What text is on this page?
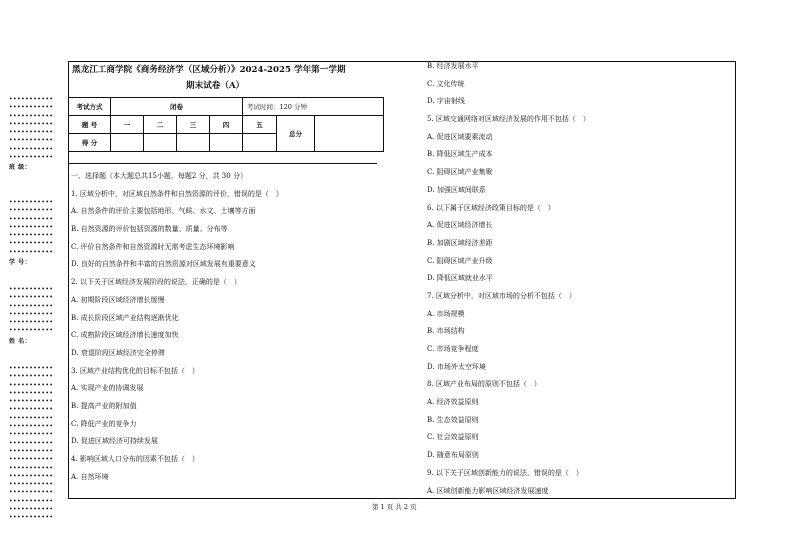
•••••••••••
•••••••••••
•••••••••••
•••••••••••
•••••••••••
•••••••••••
•••••••••••
•••••••••••
班 级：
•••••••••••
•••••••••••
•••••••••••
•••••••••••
•••••••••••
•••••••••••
•••••••••••
学 号：
•••••••••••
•••••••••••
•••••••••••
•••••••••••
•••••••••••
•••••••••••
姓 名：
•••••••••••
•••••••••••
•••••••••••
•••••••••••
•••••••••••
•••••••••••
•••••••••••
•••••••••••
•••••••••••
•••••••••••
•••••••••••
•••••••••••
•••••••••••
•••••••••••
•••••••••••
•••••••••••
•••••••••••
•••••••••••
•••••••••••
黑龙江工商学院《商务经济学（区域分析）》2024-2025 学年第一学期
期末试卷（A）
考试方式	闭卷				考试时间：120 分钟		
题 号	一	二	三	四	五	总分	
得 分							
一、选择题（本大题总共15小题，每题2 分，共 30 分）
1. 区域分析中，对区域自然条件和自然资源的评价，错误的是（　）
A. 自然条件的评价主要包括地形、气候、水文、土壤等方面
B. 自然资源的评价包括资源的数量、质量、分布等
C. 评价自然条件和自然资源时无需考虑生态环境影响
D. 良好的自然条件和丰富的自然资源对区域发展有重要意义
2. 以下关于区域经济发展阶段的说法，正确的是（　）
A. 初期阶段区域经济增长缓慢
B. 成长阶段区域产业结构逐渐优化
C. 成熟阶段区域经济增长速度加快
D. 衰退阶段区域经济完全停滞
3. 区域产业结构优化的目标不包括（　）
A. 实现产业的协调发展
B. 提高产业的附加值
C. 降低产业的竞争力
D. 促进区域经济可持续发展
4. 影响区域人口分布的因素不包括（　）
A. 自然环境
B. 经济发展水平
C. 文化传统
D. 宇宙射线
5. 区域交通网络对区域经济发展的作用不包括（　）
A. 促进区域要素流动
B. 降低区域生产成本
C. 阻碍区域产业集聚
D. 加强区域间联系
6. 以下属于区域经济政策目标的是（　）
A. 促进区域经济增长
B. 加剧区域经济差距
C. 阻碍区域产业升级
D. 降低区域就业水平
7. 区域分析中，对区域市场的分析不包括（　）
A. 市场规模
B. 市场结构
C. 市场竞争程度
D. 市场外太空环境
8. 区域产业布局的原则不包括（　）
A. 经济效益原则
B. 生态效益原则
C. 社会效益原则
D. 随意布局原则
9. 以下关于区域创新能力的说法，错误的是（　）
A. 区域创新能力影响区域经济发展速度
第 1 页 共 2 页
